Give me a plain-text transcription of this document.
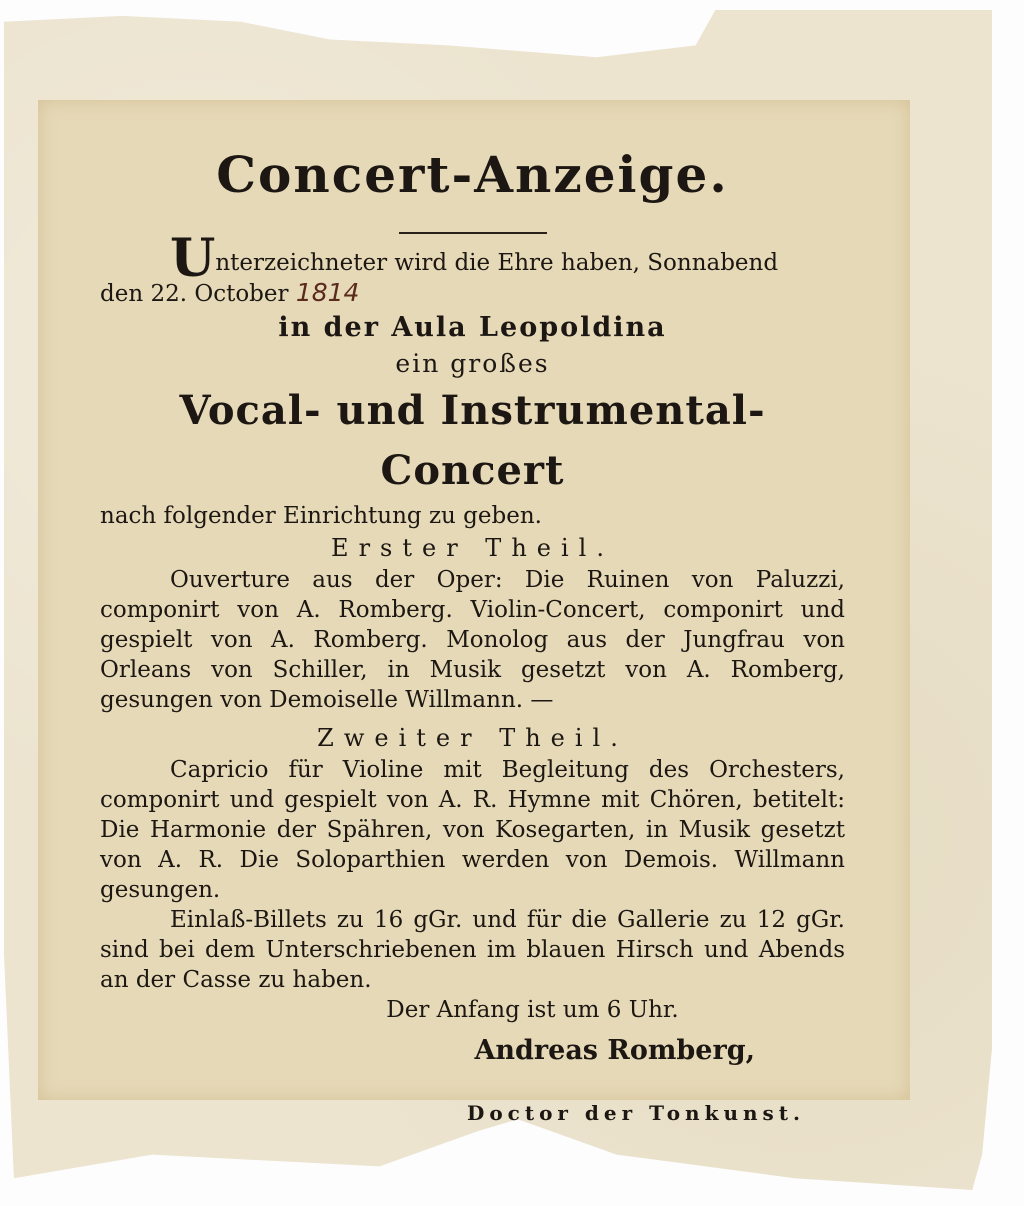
Concert-Anzeige.

Unterzeichneter wird die Ehre haben, Sonnabend

den 22. October 1814

in der Aula Leopoldina

ein großes

Vocal- und Instrumental-Concert

nach folgender Einrichtung zu geben.

Erster Theil.

Ouverture aus der Oper: Die Ruinen von Paluzzi, componirt von A. Romberg. Violin-Concert, componirt und gespielt von A. Romberg. Monolog aus der Jungfrau von Orleans von Schiller, in Musik gesetzt von A. Romberg, gesungen von Demoiselle Willmann. —

Zweiter Theil.

Capricio für Violine mit Begleitung des Orchesters, componirt und gespielt von A. R. Hymne mit Chören, betitelt: Die Harmonie der Spähren, von Kosegarten, in Musik gesetzt von A. R. Die Soloparthien werden von Demois. Willmann gesungen.

Einlaß-Billets zu 16 gGr. und für die Gallerie zu 12 gGr. sind bei dem Unterschriebenen im blauen Hirsch und Abends an der Casse zu haben.

Der Anfang ist um 6 Uhr.

Andreas Romberg,

Doctor der Tonkunst.
